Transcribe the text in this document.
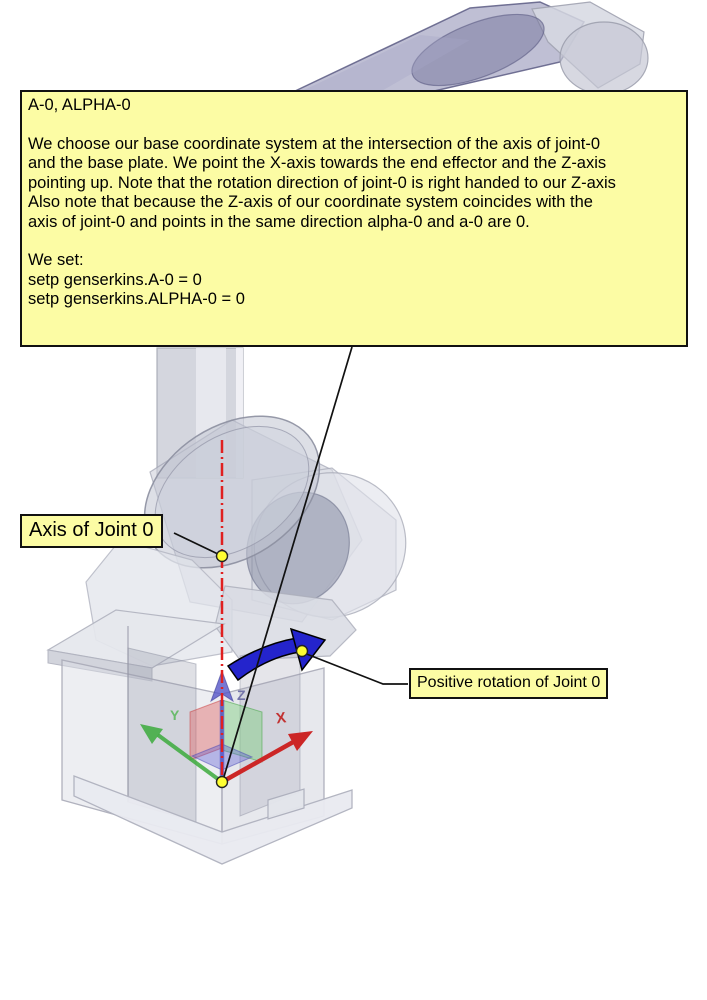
Y	X
Z
A-0, ALPHA-0
We choose our base coordinate system at the intersection of the axis of joint-0
and the base plate. We point the X-axis towards the end effector and the Z-axis
pointing up. Note that the rotation direction of joint-0 is right handed to our Z-axis
Also note that because the Z-axis of our coordinate system coincides with the
axis of joint-0 and points in the same direction alpha-0 and a-0 are 0.
We set:
setp genserkins.A-0 = 0
setp genserkins.ALPHA-0 = 0
Axis of Joint 0
Positive rotation of Joint 0
